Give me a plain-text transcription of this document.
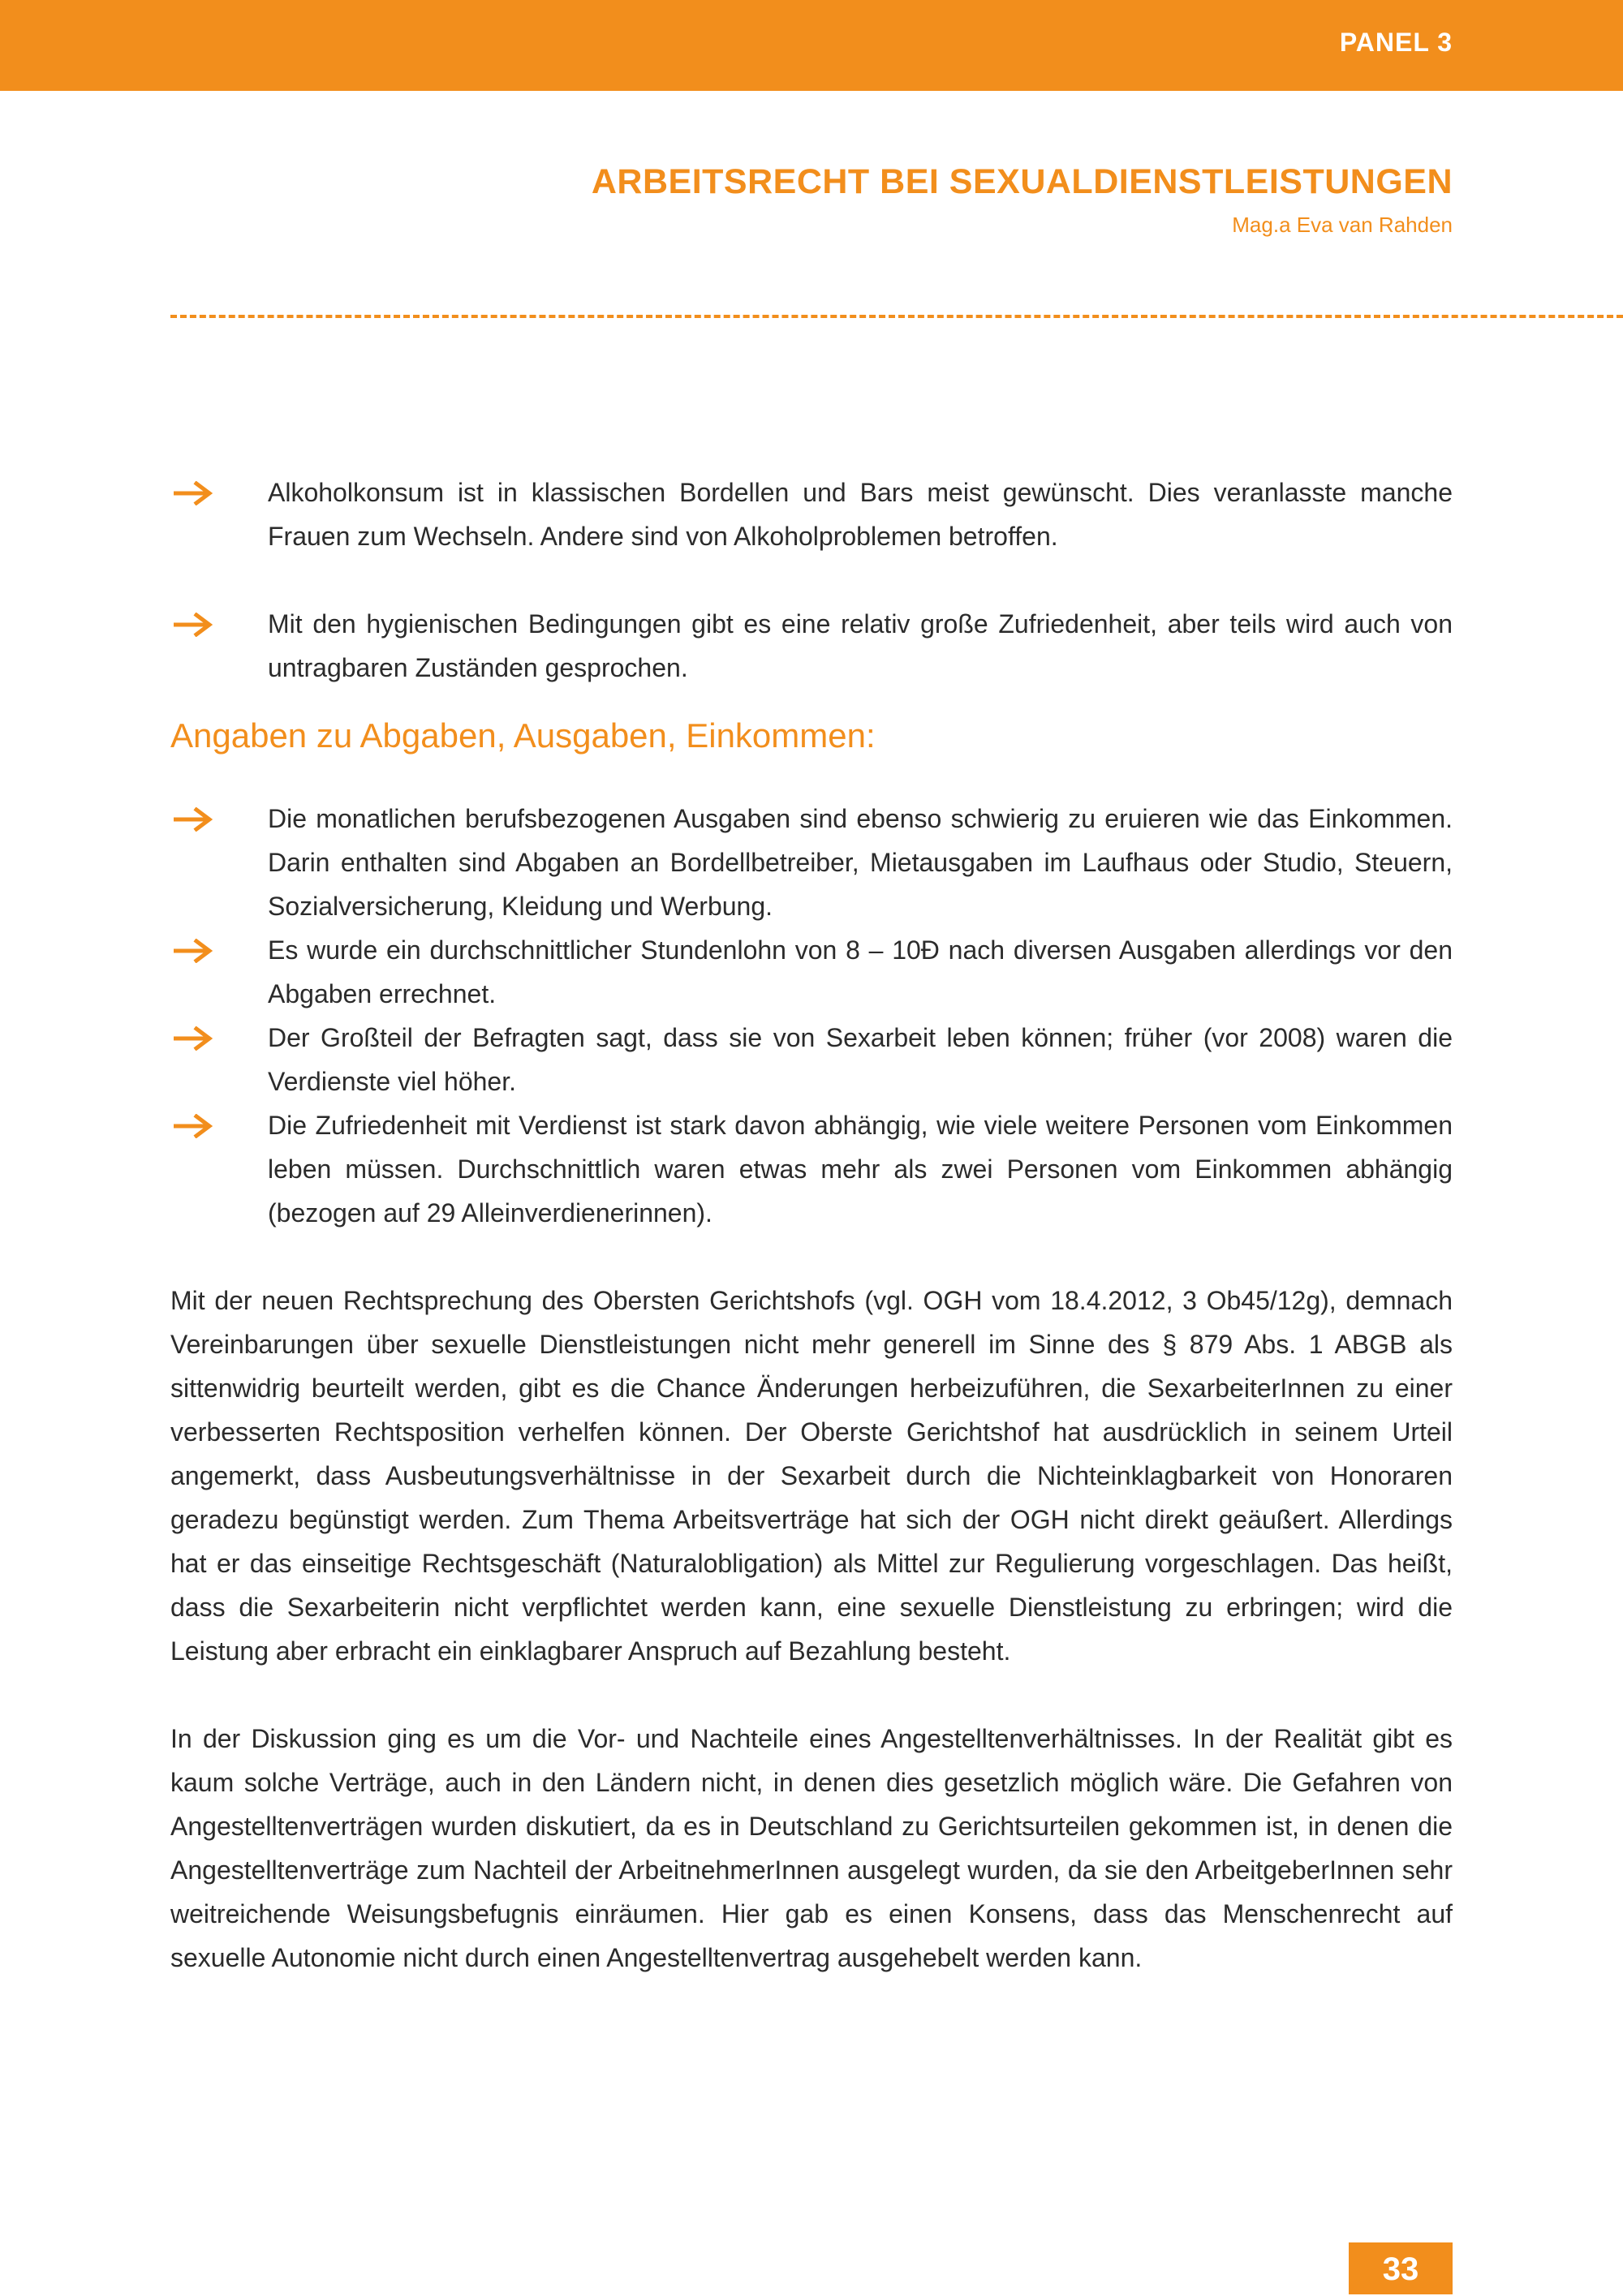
PANEL 3
ARBEITSRECHT BEI SEXUALDIENSTLEISTUNGEN
Mag.a Eva van Rahden
Alkoholkonsum ist in klassischen Bordellen und Bars meist gewünscht. Dies veranlasste manche Frauen zum Wechseln. Andere sind von Alkoholproblemen betroffen.
Mit den hygienischen Bedingungen gibt es eine relativ große Zufriedenheit, aber teils wird auch von untragbaren Zuständen gesprochen.
Angaben zu Abgaben, Ausgaben, Einkommen:
Die monatlichen berufsbezogenen Ausgaben sind ebenso schwierig zu eruieren wie das Einkommen. Darin enthalten sind Abgaben an Bordellbetreiber, Mietausgaben im Laufhaus oder Studio, Steuern, Sozialversicherung, Kleidung und Werbung.
Es wurde ein durchschnittlicher Stundenlohn von 8 – 10Ð nach diversen Ausgaben allerdings vor den Abgaben errechnet.
Der Großteil der Befragten sagt, dass sie von Sexarbeit leben können; früher (vor 2008) waren die Verdienste viel höher.
Die Zufriedenheit mit Verdienst ist stark davon abhängig, wie viele weitere Personen vom Einkommen leben müssen. Durchschnittlich waren etwas mehr als zwei Personen vom Einkommen abhängig (bezogen auf 29 Alleinverdienerinnen).

Mit der neuen Rechtsprechung des Obersten Gerichtshofs (vgl. OGH vom 18.4.2012, 3 Ob45/12g), demnach Vereinbarungen über sexuelle Dienstleistungen nicht mehr generell im Sinne des § 879 Abs. 1 ABGB als sittenwidrig beurteilt werden, gibt es die Chance Änderungen herbeizuführen, die SexarbeiterInnen zu einer verbesserten Rechtsposition verhelfen können. Der Oberste Gerichtshof hat ausdrücklich in seinem Urteil angemerkt, dass Ausbeutungsverhältnisse in der Sexarbeit durch die Nichteinklagbarkeit von Honoraren geradezu begünstigt werden. Zum Thema Arbeitsverträge hat sich der OGH nicht direkt geäußert. Allerdings hat er das einseitige Rechtsgeschäft (Naturalobligation) als Mittel zur Regulierung vorgeschlagen. Das heißt, dass die Sexarbeiterin nicht verpflichtet werden kann, eine sexuelle Dienstleistung zu erbringen; wird die Leistung aber erbracht ein einklagbarer Anspruch auf Bezahlung besteht.

In der Diskussion ging es um die Vor- und Nachteile eines Angestelltenverhältnisses. In der Realität gibt es kaum solche Verträge, auch in den Ländern nicht, in denen dies gesetzlich möglich wäre. Die Gefahren von Angestelltenverträgen wurden diskutiert, da es in Deutschland zu Gerichtsurteilen gekommen ist, in denen die Angestelltenverträge zum Nachteil der ArbeitnehmerInnen ausgelegt wurden, da sie den ArbeitgeberInnen sehr weitreichende Weisungsbefugnis einräumen. Hier gab es einen Konsens, dass das Menschenrecht auf sexuelle Autonomie nicht durch einen Angestelltenvertrag ausgehebelt werden kann.

33
